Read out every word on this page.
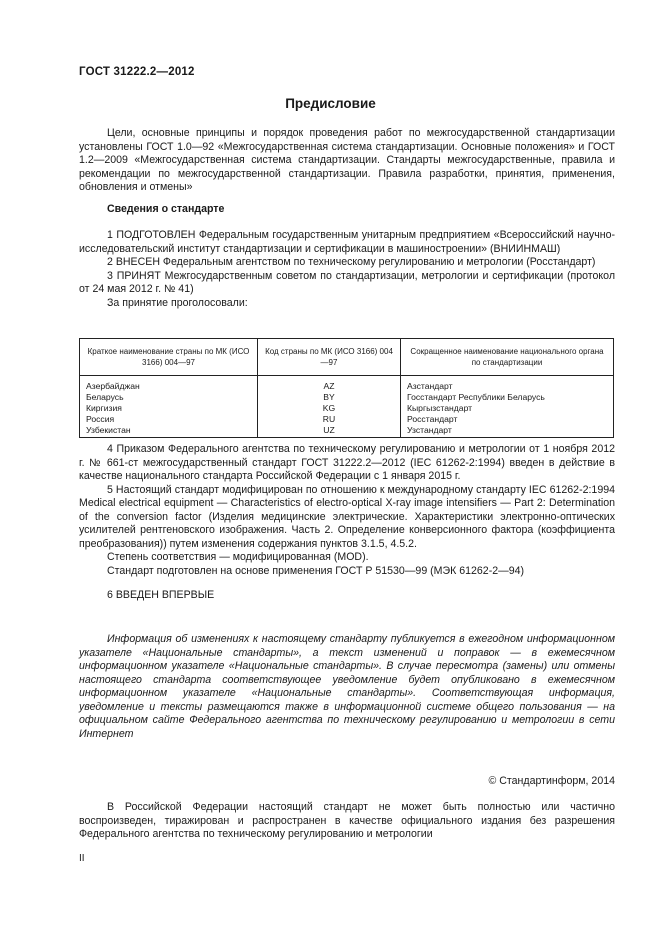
ГОСТ 31222.2—2012
Предисловие

Цели, основные принципы и порядок проведения работ по межгосударственной стандартизации установлены ГОСТ 1.0—92 «Межгосударственная система стандартизации. Основные положения» и ГОСТ 1.2—2009 «Межгосударственная система стандартизации. Стандарты межгосударственные, правила и рекомендации по межгосударственной стандартизации. Правила разработки, принятия, применения, обновления и отмены»

Сведения о стандарте

1 ПОДГОТОВЛЕН Федеральным государственным унитарным предприятием «Всероссийский научно-исследовательский институт стандартизации и сертификации в машиностроении» (ВНИИНМАШ)

2 ВНЕСЕН Федеральным агентством по техническому регулированию и метрологии (Росстандарт)

3 ПРИНЯТ Межгосударственным советом по стандартизации, метрологии и сертификации (протокол от 24 мая 2012 г. № 41)

За принятие проголосовали:

Краткое наименование страны по МК (ИСО 3166) 004—97	Код страны по МК (ИСО 3166) 004—97	Сокращенное наименование национального органа по стандартизации
Азербайджан	AZ	Азстандарт
Беларусь	BY	Госстандарт Республики Беларусь
Киргизия	KG	Кыргызстандарт
Россия	RU	Росстандарт
Узбекистан	UZ	Узстандарт

4 Приказом Федерального агентства по техническому регулированию и метрологии от 1 ноября 2012 г. № 661-ст межгосударственный стандарт ГОСТ 31222.2—2012 (IEC 61262-2:1994) введен в действие в качестве национального стандарта Российской Федерации с 1 января 2015 г.

5 Настоящий стандарт модифицирован по отношению к международному стандарту IEC 61262-2:1994 Medical electrical equipment — Characteristics of electro-optical X-ray image intensifiers — Part 2: Determination of the conversion factor (Изделия медицинские электрические. Характеристики электронно-оптических усилителей рентгеновского изображения. Часть 2. Определение конверсионного фактора (коэффициента преобразования)) путем изменения содержания пунктов 3.1.5, 4.5.2.

Степень соответствия — модифицированная (MOD).

Стандарт подготовлен на основе применения ГОСТ Р 51530—99 (МЭК 61262-2—94)

6 ВВЕДЕН ВПЕРВЫЕ

Информация об изменениях к настоящему стандарту публикуется в ежегодном информационном указателе «Национальные стандарты», а текст изменений и поправок — в ежемесячном информационном указателе «Национальные стандарты». В случае пересмотра (замены) или отмены настоящего стандарта соответствующее уведомление будет опубликовано в ежемесячном информационном указателе «Национальные стандарты». Соответствующая информация, уведомление и тексты размещаются также в информационной системе общего пользования — на официальном сайте Федерального агентства по техническому регулированию и метрологии в сети Интернет

© Стандартинформ, 2014

В Российской Федерации настоящий стандарт не может быть полностью или частично воспроизведен, тиражирован и распространен в качестве официального издания без разрешения Федерального агентства по техническому регулированию и метрологии

II
